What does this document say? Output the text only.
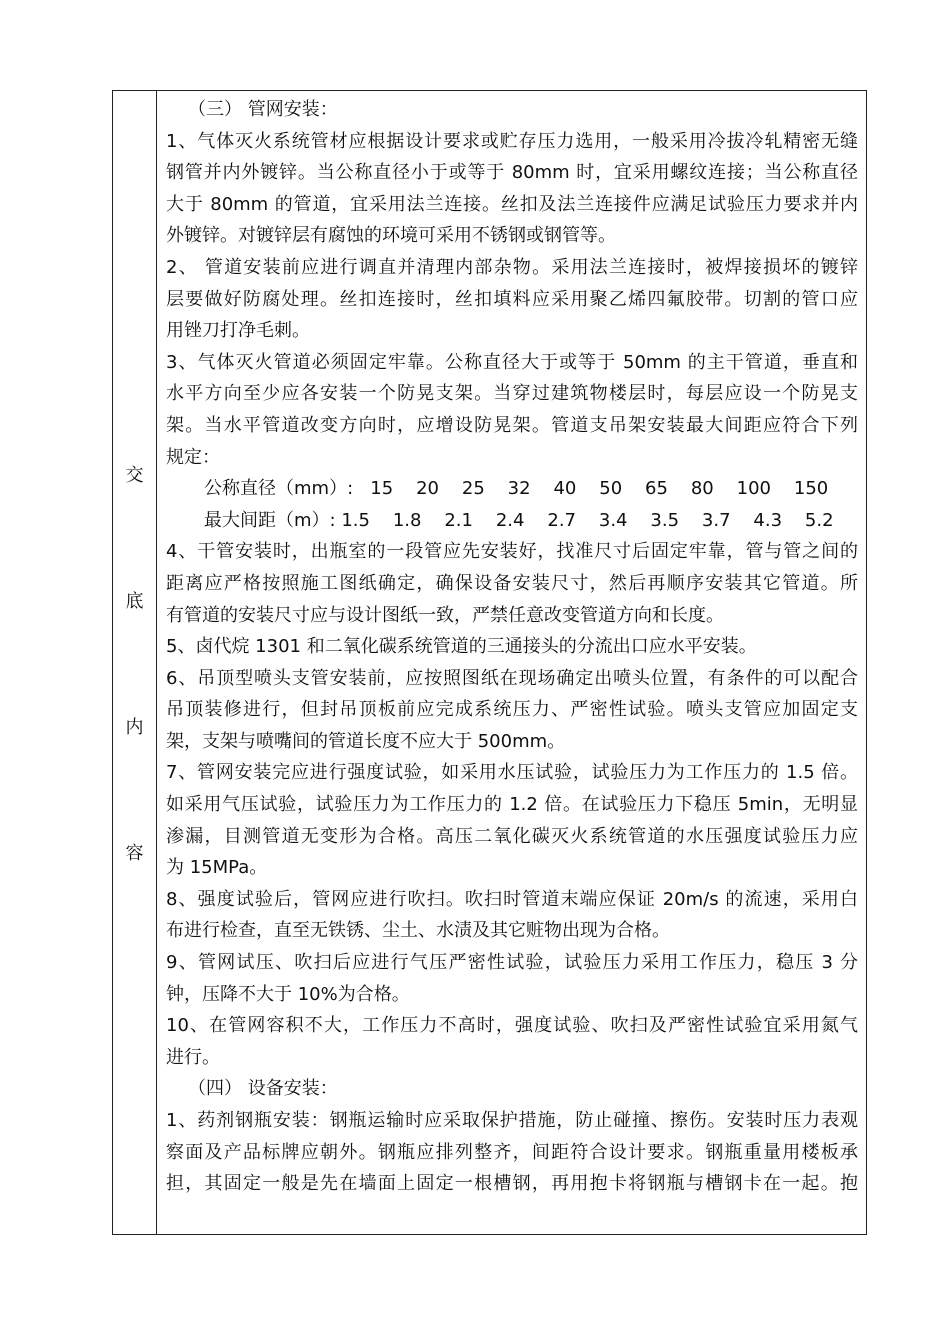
交
底
内
容
（三） 管网安装：
1、气体灭火系统管材应根据设计要求或贮存压力选用，一般采用冷拔冷轧精密无缝
钢管并内外镀锌。当公称直径小于或等于 80mm 时，宜采用螺纹连接；当公称直径
大于 80mm 的管道，宜采用法兰连接。丝扣及法兰连接件应满足试验压力要求并内
外镀锌。对镀锌层有腐蚀的环境可采用不锈钢或钢管等。
2、 管道安装前应进行调直并清理内部杂物。采用法兰连接时，被焊接损坏的镀锌
层要做好防腐处理。丝扣连接时，丝扣填料应采用聚乙烯四氟胶带。切割的管口应
用锉刀打净毛刺。
3、气体灭火管道必须固定牢靠。公称直径大于或等于 50mm 的主干管道，垂直和
水平方向至少应各安装一个防晃支架。当穿过建筑物楼层时，每层应设一个防晃支
架。当水平管道改变方向时，应增设防晃架。管道支吊架安装最大间距应符合下列
规定：
公称直径（mm）:   15    20    25    32    40    50    65    80    100    150
最大间距（m）: 1.5    1.8    2.1    2.4    2.7    3.4    3.5    3.7    4.3    5.2
4、干管安装时，出瓶室的一段管应先安装好，找准尺寸后固定牢靠，管与管之间的
距离应严格按照施工图纸确定，确保设备安装尺寸，然后再顺序安装其它管道。所
有管道的安装尺寸应与设计图纸一致，严禁任意改变管道方向和长度。
5、卤代烷 1301 和二氧化碳系统管道的三通接头的分流出口应水平安装。
6、吊顶型喷头支管安装前，应按照图纸在现场确定出喷头位置，有条件的可以配合
吊顶装修进行，但封吊顶板前应完成系统压力、严密性试验。喷头支管应加固定支
架，支架与喷嘴间的管道长度不应大于 500mm。
7、管网安装完应进行强度试验，如采用水压试验，试验压力为工作压力的 1.5 倍。
如采用气压试验，试验压力为工作压力的 1.2 倍。在试验压力下稳压 5min，无明显
渗漏，目测管道无变形为合格。高压二氧化碳灭火系统管道的水压强度试验压力应
为 15MPa。
8、强度试验后，管网应进行吹扫。吹扫时管道末端应保证 20m/s 的流速，采用白
布进行检查，直至无铁锈、尘土、水渍及其它赃物出现为合格。
9、管网试压、吹扫后应进行气压严密性试验，试验压力采用工作压力，稳压 3 分
钟，压降不大于 10%为合格。
10、在管网容积不大，工作压力不高时，强度试验、吹扫及严密性试验宜采用氮气
进行。
（四） 设备安装：
1、药剂钢瓶安装：钢瓶运输时应采取保护措施，防止碰撞、擦伤。安装时压力表观
察面及产品标牌应朝外。钢瓶应排列整齐，间距符合设计要求。钢瓶重量用楼板承
担，其固定一般是先在墙面上固定一根槽钢，再用抱卡将钢瓶与槽钢卡在一起。抱
